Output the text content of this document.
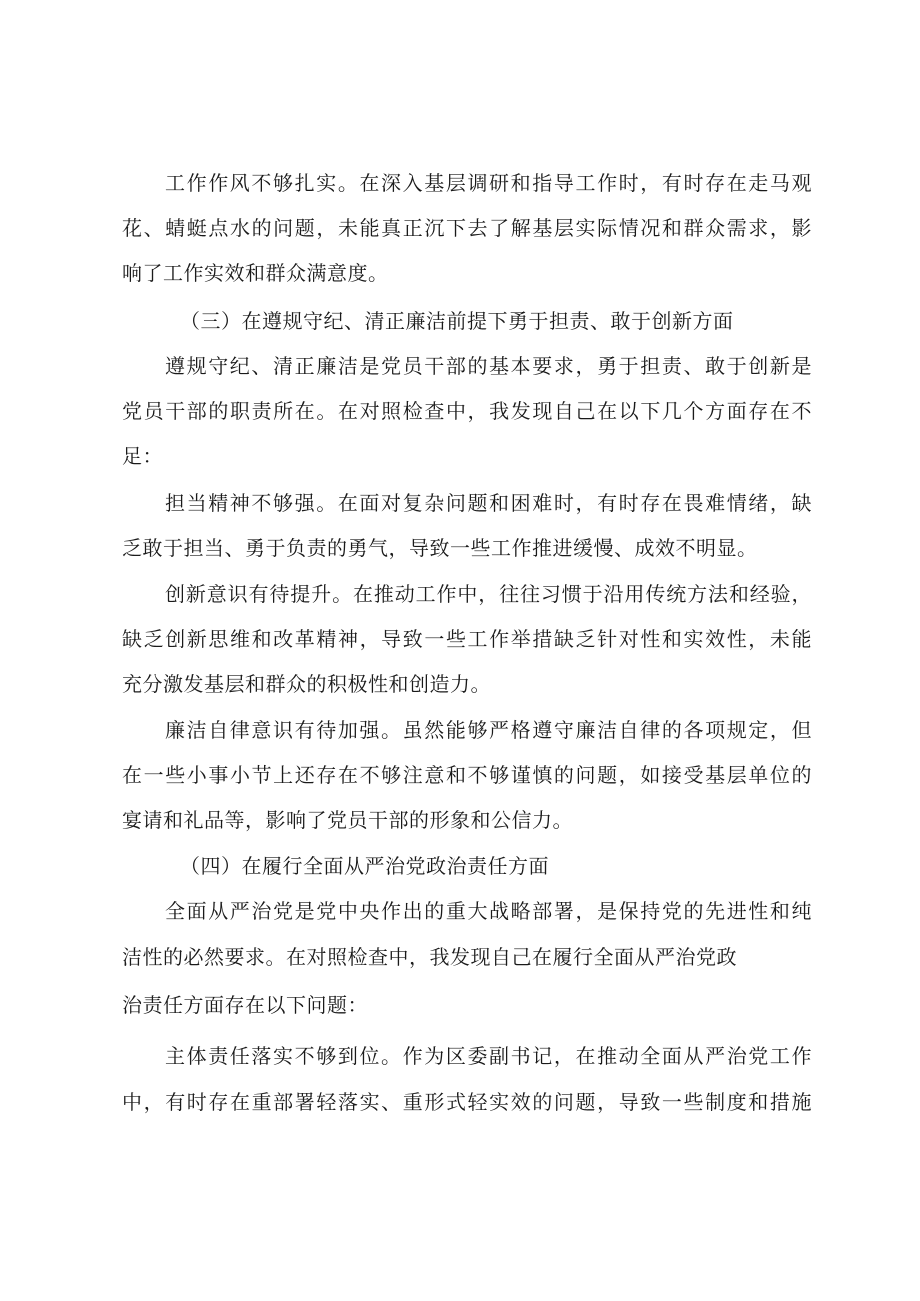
工作作风不够扎实。在深入基层调研和指导工作时，有时存在走马观
花、蜻蜓点水的问题，未能真正沉下去了解基层实际情况和群众需求，影
响了工作实效和群众满意度。
（三）在遵规守纪、清正廉洁前提下勇于担责、敢于创新方面
遵规守纪、清正廉洁是党员干部的基本要求，勇于担责、敢于创新是
党员干部的职责所在。在对照检查中，我发现自己在以下几个方面存在不
足：
担当精神不够强。在面对复杂问题和困难时，有时存在畏难情绪，缺
乏敢于担当、勇于负责的勇气，导致一些工作推进缓慢、成效不明显。
创新意识有待提升。在推动工作中，往往习惯于沿用传统方法和经验，
缺乏创新思维和改革精神，导致一些工作举措缺乏针对性和实效性，未能
充分激发基层和群众的积极性和创造力。
廉洁自律意识有待加强。虽然能够严格遵守廉洁自律的各项规定，但
在一些小事小节上还存在不够注意和不够谨慎的问题，如接受基层单位的
宴请和礼品等，影响了党员干部的形象和公信力。
（四）在履行全面从严治党政治责任方面
全面从严治党是党中央作出的重大战略部署，是保持党的先进性和纯
洁性的必然要求。在对照检查中，我发现自己在履行全面从严治党政
治责任方面存在以下问题：
主体责任落实不够到位。作为区委副书记，在推动全面从严治党工作
中，有时存在重部署轻落实、重形式轻实效的问题，导致一些制度和措施
